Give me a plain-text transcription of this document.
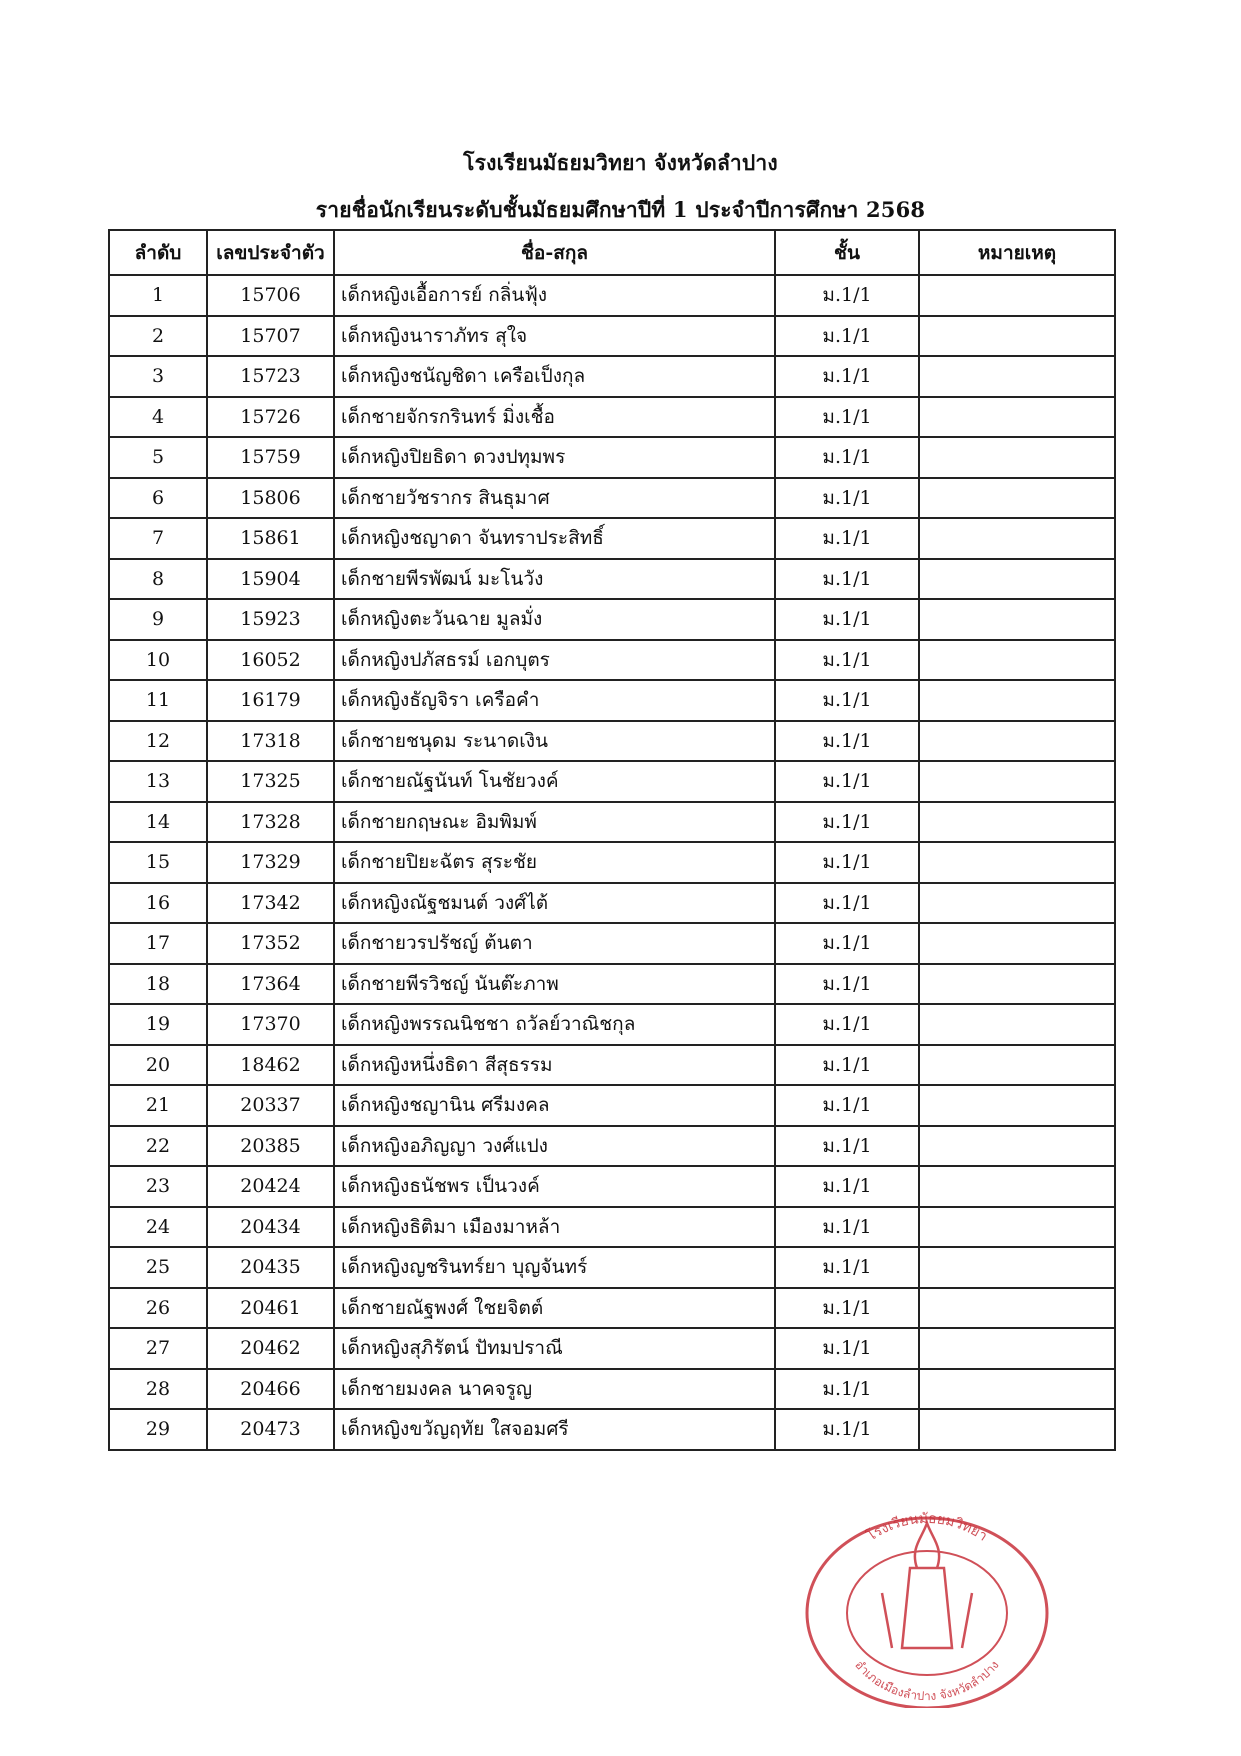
โรงเรียนมัธยมวิทยา จังหวัดลำปาง
รายชื่อนักเรียนระดับชั้นมัธยมศึกษาปีที่ 1 ประจำปีการศึกษา 2568
ลำดับ	เลขประจำตัว	ชื่อ-สกุล	ชั้น	หมายเหตุ
1	15706	เด็กหญิงเอื้อการย์ กลิ่นฟุ้ง	ม.1/1	
2	15707	เด็กหญิงนาราภัทร สุใจ	ม.1/1	
3	15723	เด็กหญิงชนัญชิดา เครือเป็งกุล	ม.1/1	
4	15726	เด็กชายจักรกรินทร์ มิ่งเชื้อ	ม.1/1	
5	15759	เด็กหญิงปิยธิดา ดวงปทุมพร	ม.1/1	
6	15806	เด็กชายวัชรากร สินธุมาศ	ม.1/1	
7	15861	เด็กหญิงชญาดา จันทราประสิทธิ์	ม.1/1	
8	15904	เด็กชายพีรพัฒน์ มะโนวัง	ม.1/1	
9	15923	เด็กหญิงตะวันฉาย มูลมั่ง	ม.1/1	
10	16052	เด็กหญิงปภัสธรม์ เอกบุตร	ม.1/1	
11	16179	เด็กหญิงธัญจิรา เครือคำ	ม.1/1	
12	17318	เด็กชายชนุดม ระนาดเงิน	ม.1/1	
13	17325	เด็กชายณัฐนันท์ โนชัยวงค์	ม.1/1	
14	17328	เด็กชายกฤษณะ อิมพิมพ์	ม.1/1	
15	17329	เด็กชายปิยะฉัตร สุระชัย	ม.1/1	
16	17342	เด็กหญิงณัฐชมนต์ วงศ์ไต้	ม.1/1	
17	17352	เด็กชายวรปรัชญ์ ต้นตา	ม.1/1	
18	17364	เด็กชายพีรวิชญ์ นันต๊ะภาพ	ม.1/1	
19	17370	เด็กหญิงพรรณนิชชา ถวัลย์วาณิชกุล	ม.1/1	
20	18462	เด็กหญิงหนึ่งธิดา สีสุธรรม	ม.1/1	
21	20337	เด็กหญิงชญานิน ศรีมงคล	ม.1/1	
22	20385	เด็กหญิงอภิญญา วงศ์แปง	ม.1/1	
23	20424	เด็กหญิงธนัชพร เป็นวงค์	ม.1/1	
24	20434	เด็กหญิงธิติมา เมืองมาหล้า	ม.1/1	
25	20435	เด็กหญิงญชรินทร์ยา บุญจันทร์	ม.1/1	
26	20461	เด็กชายณัฐพงศ์ ใชยจิตต์	ม.1/1	
27	20462	เด็กหญิงสุภิรัตน์ ปัทมปราณี	ม.1/1	
28	20466	เด็กชายมงคล นาคจรูญ	ม.1/1	
29	20473	เด็กหญิงขวัญฤทัย ใสจอมศรี	ม.1/1	
โรงเรียนมัธยมวิทยา
อำเภอเมืองลำปาง จังหวัดลำปาง
